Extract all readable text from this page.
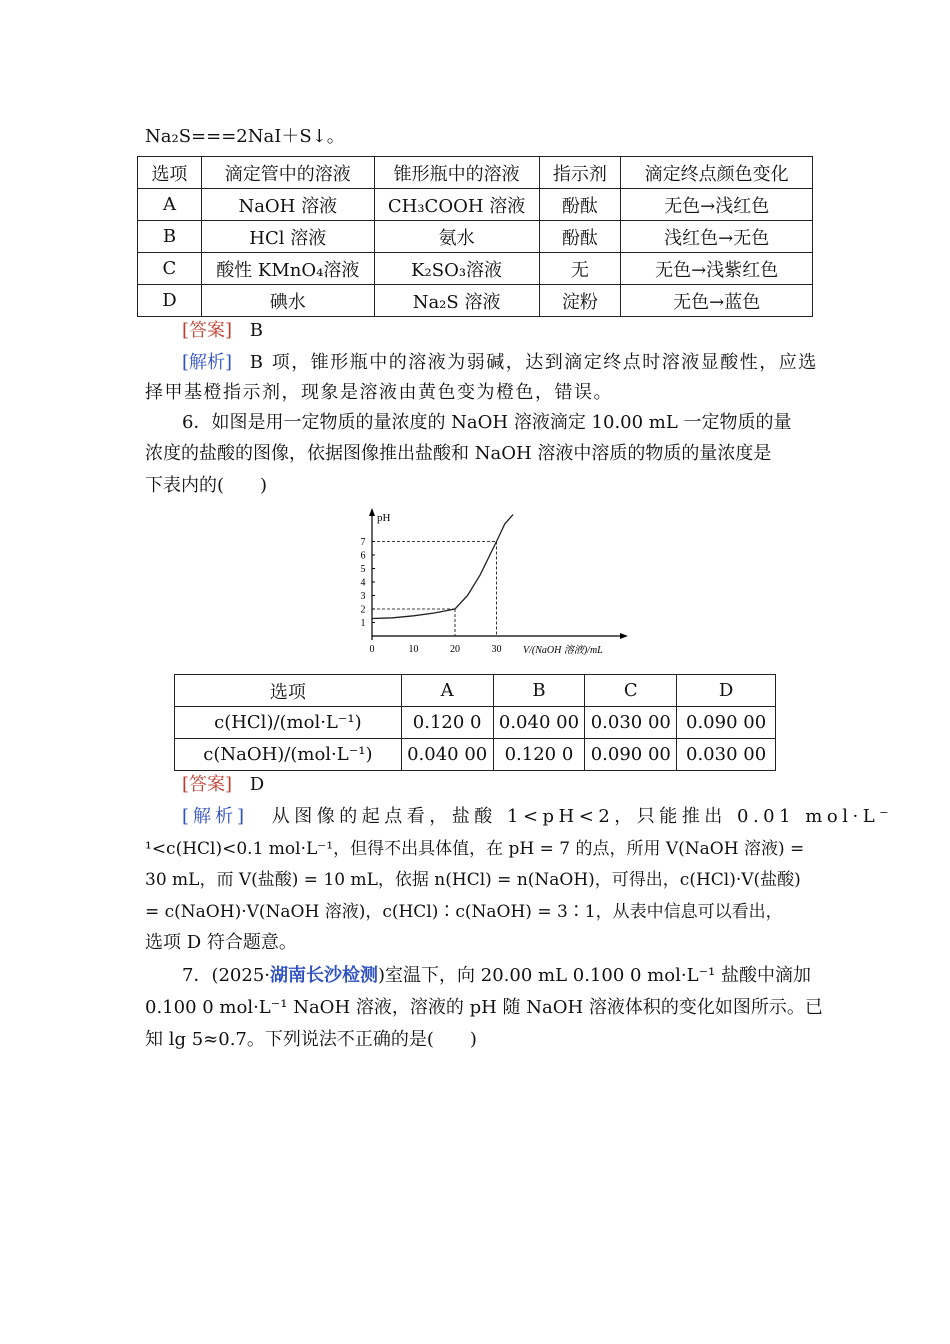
Na₂S===2NaI＋S↓。
选项	滴定管中的溶液	锥形瓶中的溶液	指示剂	滴定终点颜色变化
A	NaOH 溶液	CH₃COOH 溶液	酚酞	无色→浅红色
B	HCl 溶液	氨水	酚酞	浅红色→无色
C	酸性 KMnO₄溶液	K₂SO₃溶液	无	无色→浅紫红色
D	碘水	Na₂S 溶液	淀粉	无色→蓝色
[答案] B
[解析] B 项，锥形瓶中的溶液为弱碱，达到滴定终点时溶液显酸性，应选
择甲基橙指示剂，现象是溶液由黄色变为橙色，错误。
6．如图是用一定物质的量浓度的 NaOH 溶液滴定 10.00 mL 一定物质的量
浓度的盐酸的图像，依据图像推出盐酸和 NaOH 溶液中溶质的物质的量浓度是
下表内的(　　)
pH
V/(NaOH 溶液)/mL
1
2
3
4
5
6
7
0	10	20	30
选项	A	B	C	D
c(HCl)/(mol·L⁻¹)	0.120 0	0.040 00	0.030 00	0.090 00
c(NaOH)/(mol·L⁻¹)	0.040 00	0.120 0	0.090 00	0.030 00
[答案] D
[解析] 从图像的起点看，盐酸 1<pH<2，只能推出 0.01 mol·L⁻
¹<c(HCl)<0.1 mol·L⁻¹，但得不出具体值，在 pH = 7 的点，所用 V(NaOH 溶液) =
30 mL，而 V(盐酸) = 10 mL，依据 n(HCl) = n(NaOH)，可得出，c(HCl)·V(盐酸)
= c(NaOH)·V(NaOH 溶液)，c(HCl)∶c(NaOH) = 3∶1，从表中信息可以看出，
选项 D 符合题意。
7．(2025·湖南长沙检测)室温下，向 20.00 mL 0.100 0 mol·L⁻¹ 盐酸中滴加
0.100 0 mol·L⁻¹ NaOH 溶液，溶液的 pH 随 NaOH 溶液体积的变化如图所示。已
知 lg 5≈0.7。下列说法不正确的是(　　)
